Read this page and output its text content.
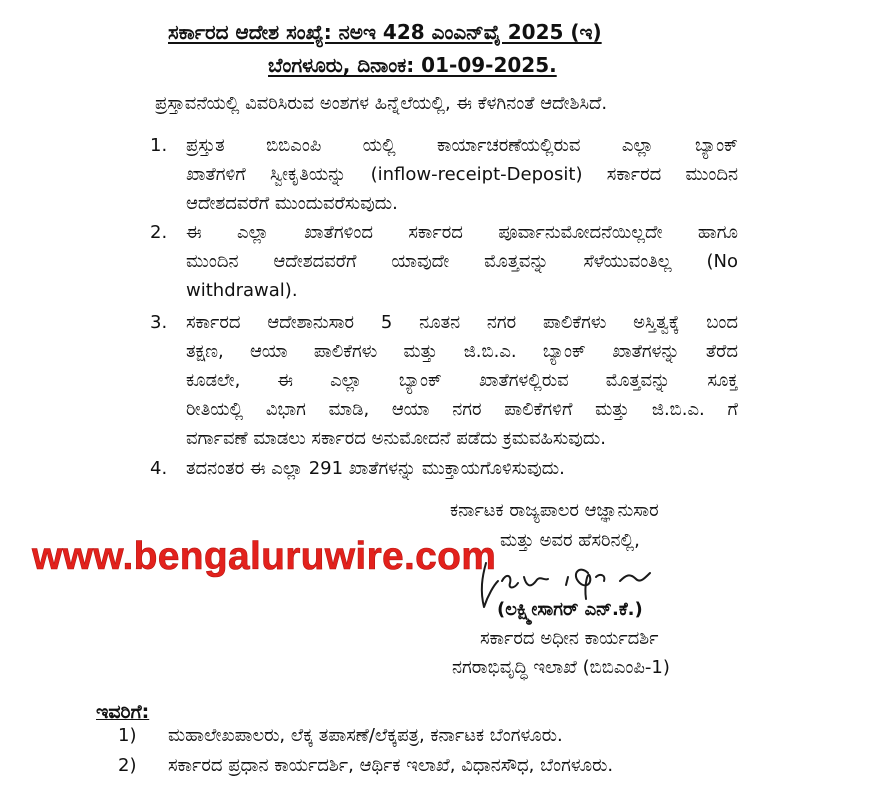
ಸರ್ಕಾರದ ಆದೇಶ ಸಂಖ್ಯೆ: ನಅಇ 428 ಎಂಎನ್‌ವೈ 2025 (ಇ)
ಬೆಂಗಳೂರು, ದಿನಾಂಕ: 01-09-2025.
ಪ್ರಸ್ತಾವನೆಯಲ್ಲಿ ವಿವರಿಸಿರುವ ಅಂಶಗಳ ಹಿನ್ನೆಲೆಯಲ್ಲಿ, ಈ ಕೆಳಗಿನಂತೆ ಆದೇಶಿಸಿದೆ.
1. ಪ್ರಸ್ತುತ ಬಿಬಿಎಂಪಿ ಯಲ್ಲಿ ಕಾರ್ಯಾಚರಣೆಯಲ್ಲಿರುವ ಎಲ್ಲಾ ಬ್ಯಾಂಕ್
ಖಾತೆಗಳಿಗೆ ಸ್ವೀಕೃತಿಯನ್ನು (inflow-receipt-Deposit) ಸರ್ಕಾರದ ಮುಂದಿನ
ಆದೇಶದವರೆಗೆ ಮುಂದುವರೆಸುವುದು.
2. ಈ ಎಲ್ಲಾ ಖಾತೆಗಳಿಂದ ಸರ್ಕಾರದ ಪೂರ್ವಾನುಮೋದನೆಯಿಲ್ಲದೇ ಹಾಗೂ
ಮುಂದಿನ ಆದೇಶದವರೆಗೆ ಯಾವುದೇ ಮೊತ್ತವನ್ನು ಸೆಳೆಯುವಂತಿಲ್ಲ (No
withdrawal).
3. ಸರ್ಕಾರದ ಆದೇಶಾನುಸಾರ 5 ನೂತನ ನಗರ ಪಾಲಿಕೆಗಳು ಅಸ್ತಿತ್ವಕ್ಕೆ ಬಂದ
ತಕ್ಷಣ, ಆಯಾ ಪಾಲಿಕೆಗಳು ಮತ್ತು ಜಿ.ಬಿ.ಎ. ಬ್ಯಾಂಕ್ ಖಾತೆಗಳನ್ನು ತೆರೆದ
ಕೂಡಲೇ, ಈ ಎಲ್ಲಾ ಬ್ಯಾಂಕ್ ಖಾತೆಗಳಲ್ಲಿರುವ ಮೊತ್ತವನ್ನು ಸೂಕ್ತ
ರೀತಿಯಲ್ಲಿ ವಿಭಾಗ ಮಾಡಿ, ಆಯಾ ನಗರ ಪಾಲಿಕೆಗಳಿಗೆ ಮತ್ತು ಜಿ.ಬಿ.ಎ. ಗೆ
ವರ್ಗಾವಣೆ ಮಾಡಲು ಸರ್ಕಾರದ ಅನುಮೋದನೆ ಪಡೆದು ಕ್ರಮವಹಿಸುವುದು.
4. ತದನಂತರ ಈ ಎಲ್ಲಾ 291 ಖಾತೆಗಳನ್ನು ಮುಕ್ತಾಯಗೊಳಿಸುವುದು.
ಕರ್ನಾಟಕ ರಾಜ್ಯಪಾಲರ ಆಜ್ಞಾನುಸಾರ
ಮತ್ತು ಅವರ ಹೆಸರಿನಲ್ಲಿ,
www.bengaluruwire.com
(ಲಕ್ಷ್ಮೀಸಾಗರ್ ಎನ್.ಕೆ.)
ಸರ್ಕಾರದ ಅಧೀನ ಕಾರ್ಯದರ್ಶಿ
ನಗರಾಭಿವೃದ್ಧಿ ಇಲಾಖೆ (ಬಿಬಿಎಂಪಿ-1)
ಇವರಿಗೆ:
1) ಮಹಾಲೇಖಪಾಲರು, ಲೆಕ್ಕ ತಪಾಸಣೆ/ಲೆಕ್ಕಪತ್ರ, ಕರ್ನಾಟಕ ಬೆಂಗಳೂರು.
2) ಸರ್ಕಾರದ ಪ್ರಧಾನ ಕಾರ್ಯದರ್ಶಿ, ಆರ್ಥಿಕ ಇಲಾಖೆ, ವಿಧಾನಸೌಧ, ಬೆಂಗಳೂರು.
